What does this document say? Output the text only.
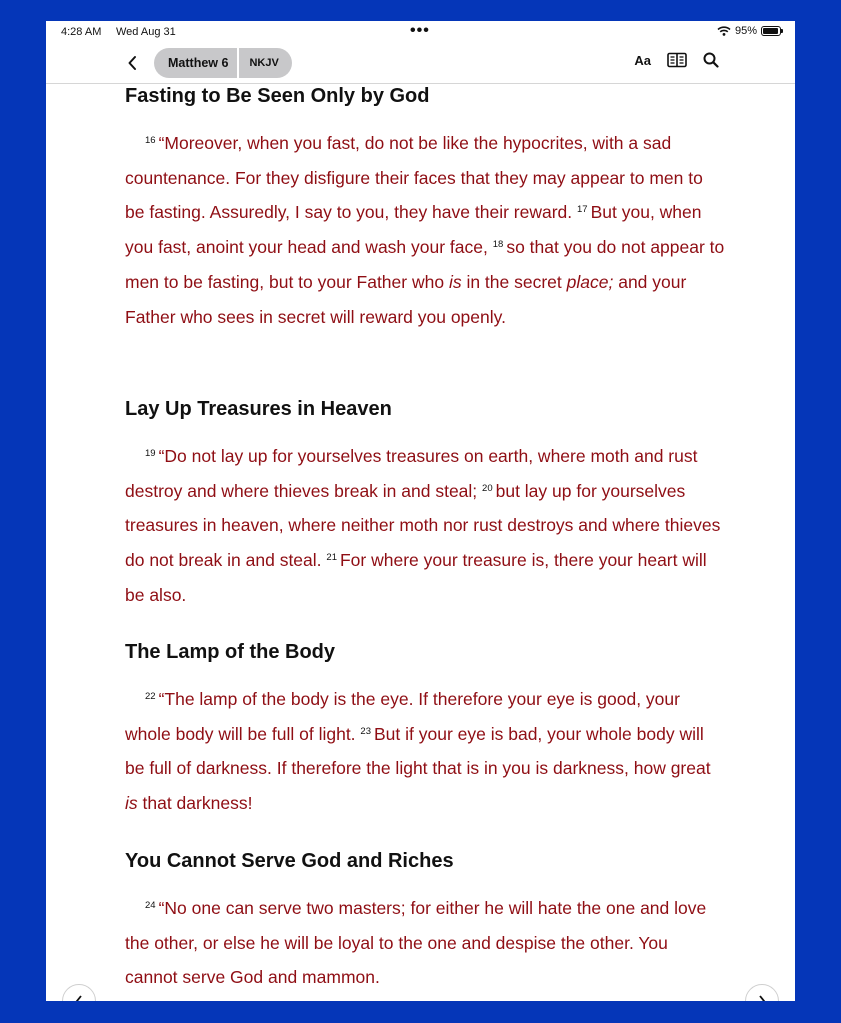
4:28 AM Wed Aug 31	•••	95%
Matthew 6	NKJV	Aa
Fasting to Be Seen Only by God

$^{16}$ “Moreover, when you fast, do not be like the hypocrites, with a sad countenance. For they disfigure their faces that they may appear to men to be fasting. Assuredly, I say to you, they have their reward. $^{17}$ But you, when you fast, anoint your head and wash your face, $^{18}$ so that you do not appear to men to be fasting, but to your Father who is in the secret place; and your Father who sees in secret will reward you openly.

Lay Up Treasures in Heaven

$^{19}$ “Do not lay up for yourselves treasures on earth, where moth and rust destroy and where thieves break in and steal; $^{20}$ but lay up for yourselves treasures in heaven, where neither moth nor rust destroys and where thieves do not break in and steal. $^{21}$ For where your treasure is, there your heart will be also.

The Lamp of the Body

$^{22}$ “The lamp of the body is the eye. If therefore your eye is good, your whole body will be full of light. $^{23}$ But if your eye is bad, your whole body will be full of darkness. If therefore the light that is in you is darkness, how great is that darkness!

You Cannot Serve God and Riches

$^{24}$ “No one can serve two masters; for either he will hate the one and love the other, or else he will be loyal to the one and despise the other. You cannot serve God and mammon.
